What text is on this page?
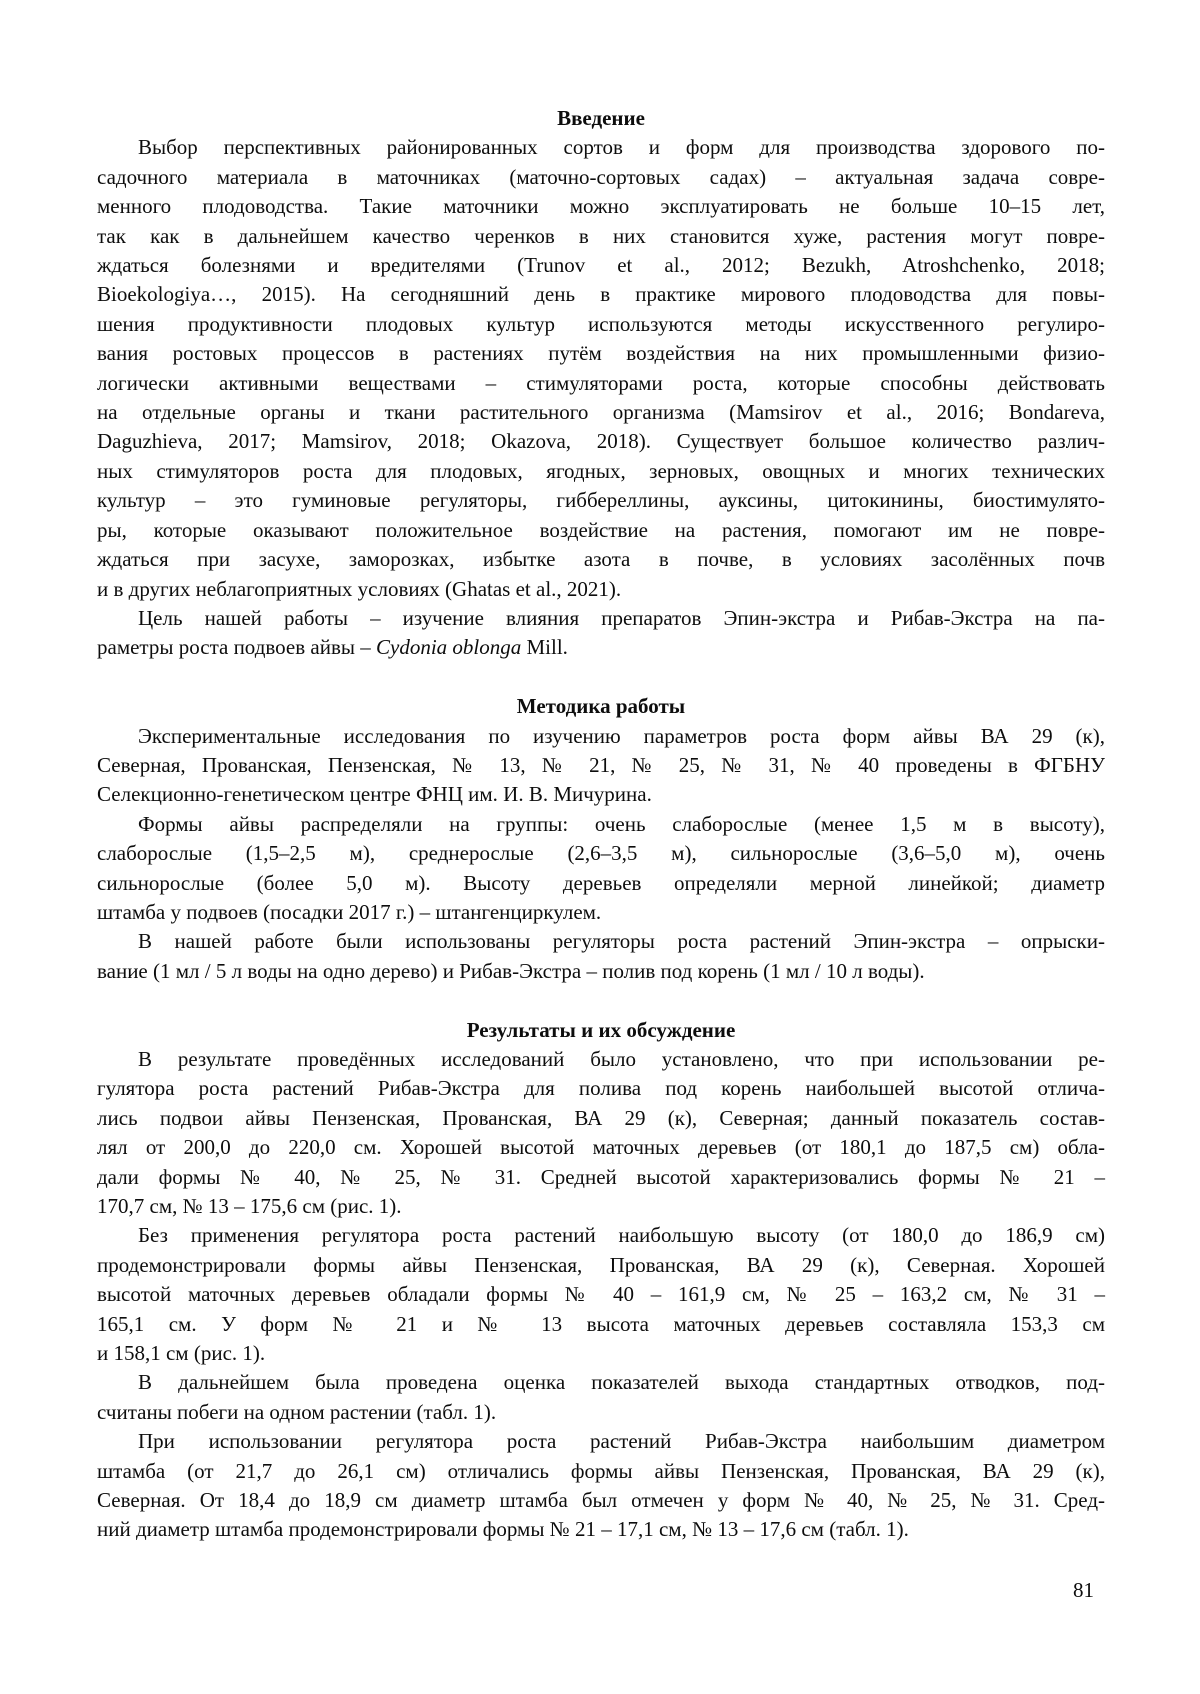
Введение
Выбор перспективных районированных сортов и форм для производства здорового по-
садочного материала в маточниках (маточно-сортовых садах) – актуальная задача совре-
менного плодоводства. Такие маточники можно эксплуатировать не больше 10–15 лет,
так как в дальнейшем качество черенков в них становится хуже, растения могут повре-
ждаться болезнями и вредителями (Trunov et al., 2012; Bezukh, Atroshchenko, 2018;
Bioekologiya…, 2015). На сегодняшний день в практике мирового плодоводства для повы-
шения продуктивности плодовых культур используются методы искусственного регулиро-
вания ростовых процессов в растениях путём воздействия на них промышленными физио-
логически активными веществами – стимуляторами роста, которые способны действовать
на отдельные органы и ткани растительного организма (Mamsirov et al., 2016; Bondareva,
Daguzhieva, 2017; Mamsirov, 2018; Okazova, 2018). Существует большое количество различ-
ных стимуляторов роста для плодовых, ягодных, зерновых, овощных и многих технических
культур – это гуминовые регуляторы, гиббереллины, ауксины, цитокинины, биостимулято-
ры, которые оказывают положительное воздействие на растения, помогают им не повре-
ждаться при засухе, заморозках, избытке азота в почве, в условиях засолённых почв
и в других неблагоприятных условиях (Ghatas et al., 2021).
Цель нашей работы – изучение влияния препаратов Эпин-экстра и Рибав-Экстра на па-
раметры роста подвоев айвы – Cydonia oblonga Mill.
Методика работы
Экспериментальные исследования по изучению параметров роста форм айвы ВА 29 (к),
Северная, Прованская, Пензенская, № 13, № 21, № 25, № 31, № 40 проведены в ФГБНУ
Селекционно-генетическом центре ФНЦ им. И. В. Мичурина.
Формы айвы распределяли на группы: очень слаборослые (менее 1,5 м в высоту),
слаборослые (1,5–2,5 м), среднерослые (2,6–3,5 м), сильнорослые (3,6–5,0 м), очень
сильнорослые (более 5,0 м). Высоту деревьев определяли мерной линейкой; диаметр
штамба у подвоев (посадки 2017 г.) – штангенциркулем.
В нашей работе были использованы регуляторы роста растений Эпин-экстра – опрыски-
вание (1 мл / 5 л воды на одно дерево) и Рибав-Экстра – полив под корень (1 мл / 10 л воды).
Результаты и их обсуждение
В результате проведённых исследований было установлено, что при использовании ре-
гулятора роста растений Рибав-Экстра для полива под корень наибольшей высотой отлича-
лись подвои айвы Пензенская, Прованская, ВА 29 (к), Северная; данный показатель состав-
лял от 200,0 до 220,0 см. Хорошей высотой маточных деревьев (от 180,1 до 187,5 см) обла-
дали формы № 40, № 25, № 31. Средней высотой характеризовались формы № 21 –
170,7 см, № 13 – 175,6 см (рис. 1).
Без применения регулятора роста растений наибольшую высоту (от 180,0 до 186,9 см)
продемонстрировали формы айвы Пензенская, Прованская, ВА 29 (к), Северная. Хорошей
высотой маточных деревьев обладали формы № 40 – 161,9 см, № 25 – 163,2 см, № 31 –
165,1 см. У форм № 21 и № 13 высота маточных деревьев составляла 153,3 см
и 158,1 см (рис. 1).
В дальнейшем была проведена оценка показателей выхода стандартных отводков, под-
считаны побеги на одном растении (табл. 1).
При использовании регулятора роста растений Рибав-Экстра наибольшим диаметром
штамба (от 21,7 до 26,1 см) отличались формы айвы Пензенская, Прованская, ВА 29 (к),
Северная. От 18,4 до 18,9 см диаметр штамба был отмечен у форм № 40, № 25, № 31. Сред-
ний диаметр штамба продемонстрировали формы № 21 – 17,1 см, № 13 – 17,6 см (табл. 1).
81
